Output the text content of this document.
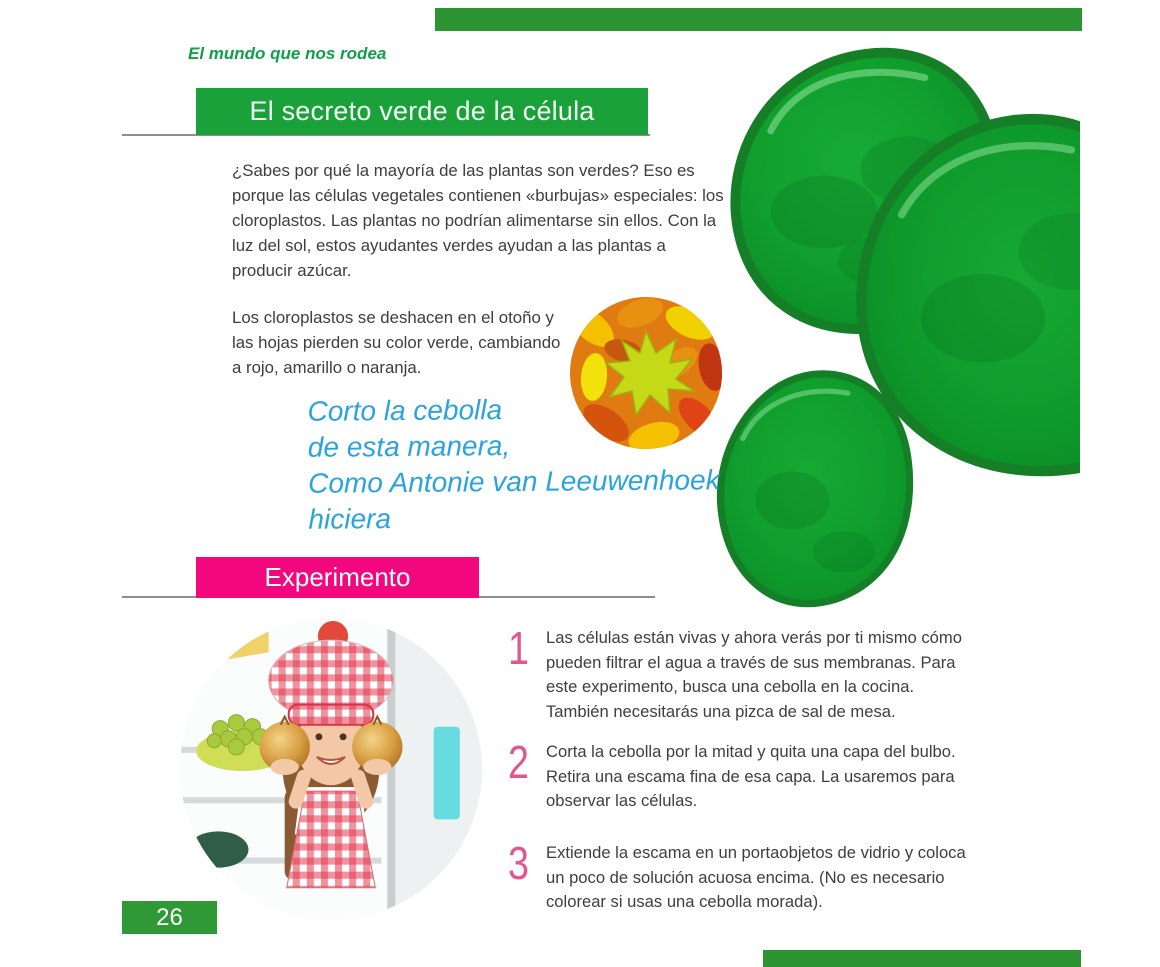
El mundo que nos rodea
El secreto verde de la célula

¿Sabes por qué la mayoría de las plantas son verdes? Eso es porque las células vegetales contienen «burbujas» especiales: los cloroplastos. Las plantas no podrían alimentarse sin ellos. Con la luz del sol, estos ayudantes verdes ayudan a las plantas a producir azúcar.

Los cloroplastos se deshacen en el otoño y las hojas pierden su color verde, cambiando a rojo, amarillo o naranja.

Corto la cebolla
de esta manera,
Como Antonie van Leeuwenhoek
hiciera
Experimento
1	Las células están vivas y ahora verás por ti mismo cómo pueden filtrar el agua a través de sus membranas. Para este experimento, busca una cebolla en la cocina. También necesitarás una pizca de sal de mesa.
2	Corta la cebolla por la mitad y quita una capa del bulbo. Retira una escama fina de esa capa. La usaremos para observar las células.
3	Extiende la escama en un portaobjetos de vidrio y coloca un poco de solución acuosa encima. (No es necesario colorear si usas una cebolla morada).
26
